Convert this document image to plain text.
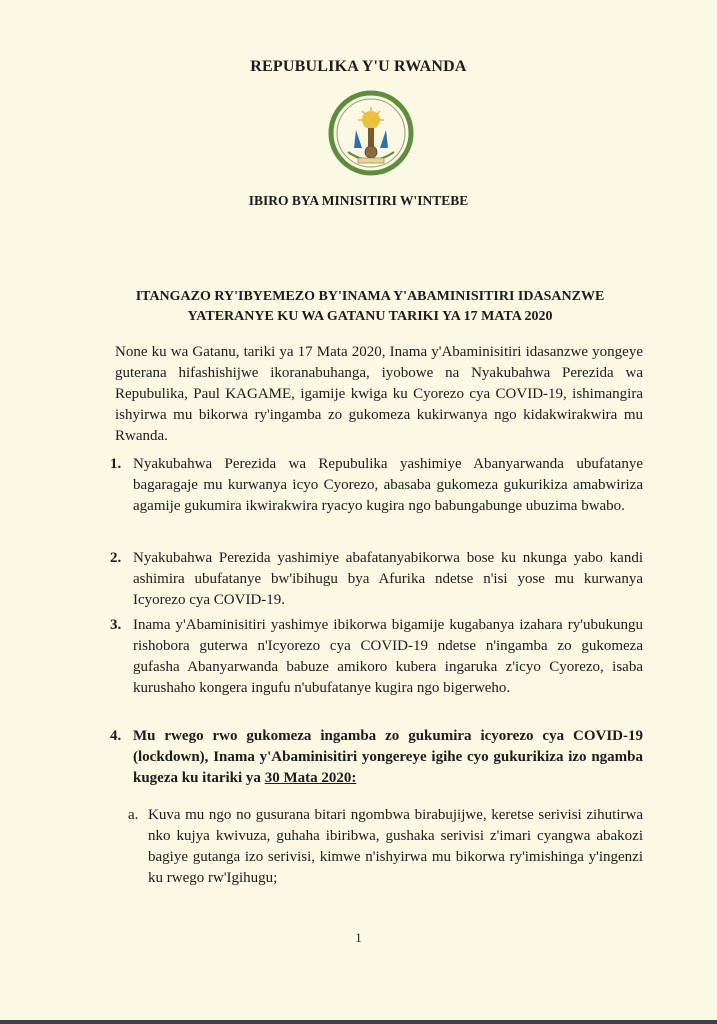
REPUBULIKA Y'U RWANDA
IBIRO BYA MINISITIRI W'INTEBE
ITANGAZO RY'IBYEMEZO BY'INAMA Y'ABAMINISITIRI IDASANZWE
YATERANYE KU WA GATANU TARIKI YA 17 MATA 2020
None ku wa Gatanu, tariki ya 17 Mata 2020, Inama y'Abaminisitiri idasanzwe yongeye guterana hifashishijwe ikoranabuhanga, iyobowe na Nyakubahwa Perezida wa Repubulika, Paul KAGAME, igamije kwiga ku Cyorezo cya COVID-19, ishimangira ishyirwa mu bikorwa ry'ingamba zo gukomeza kukirwanya ngo kidakwirakwira mu Rwanda.
1. Nyakubahwa Perezida wa Repubulika yashimiye Abanyarwanda ubufatanye bagaragaje mu kurwanya icyo Cyorezo, abasaba gukomeza gukurikiza amabwiriza agamije gukumira ikwirakwira ryacyo kugira ngo babungabunge ubuzima bwabo.
2. Nyakubahwa Perezida yashimiye abafatanyabikorwa bose ku nkunga yabo kandi ashimira ubufatanye bw'ibihugu bya Afurika ndetse n'isi yose mu kurwanya Icyorezo cya COVID-19.
3. Inama y'Abaminisitiri yashimye ibikorwa bigamije kugabanya izahara ry'ubukungu rishobora guterwa n'Icyorezo cya COVID-19 ndetse n'ingamba zo gukomeza gufasha Abanyarwanda babuze amikoro kubera ingaruka z'icyo Cyorezo, isaba kurushaho kongera ingufu n'ubufatanye kugira ngo bigerweho.
4. Mu rwego rwo gukomeza ingamba zo gukumira icyorezo cya COVID-19 (lockdown), Inama y'Abaminisitiri yongereye igihe cyo gukurikiza izo ngamba kugeza ku itariki ya 30 Mata 2020:
a. Kuva mu ngo no gusurana bitari ngombwa birabujijwe, keretse serivisi zihutirwa nko kujya kwivuza, guhaha ibiribwa, gushaka serivisi z'imari cyangwa abakozi bagiye gutanga izo serivisi, kimwe n'ishyirwa mu bikorwa ry'imishinga y'ingenzi ku rwego rw'Igihugu;
1
